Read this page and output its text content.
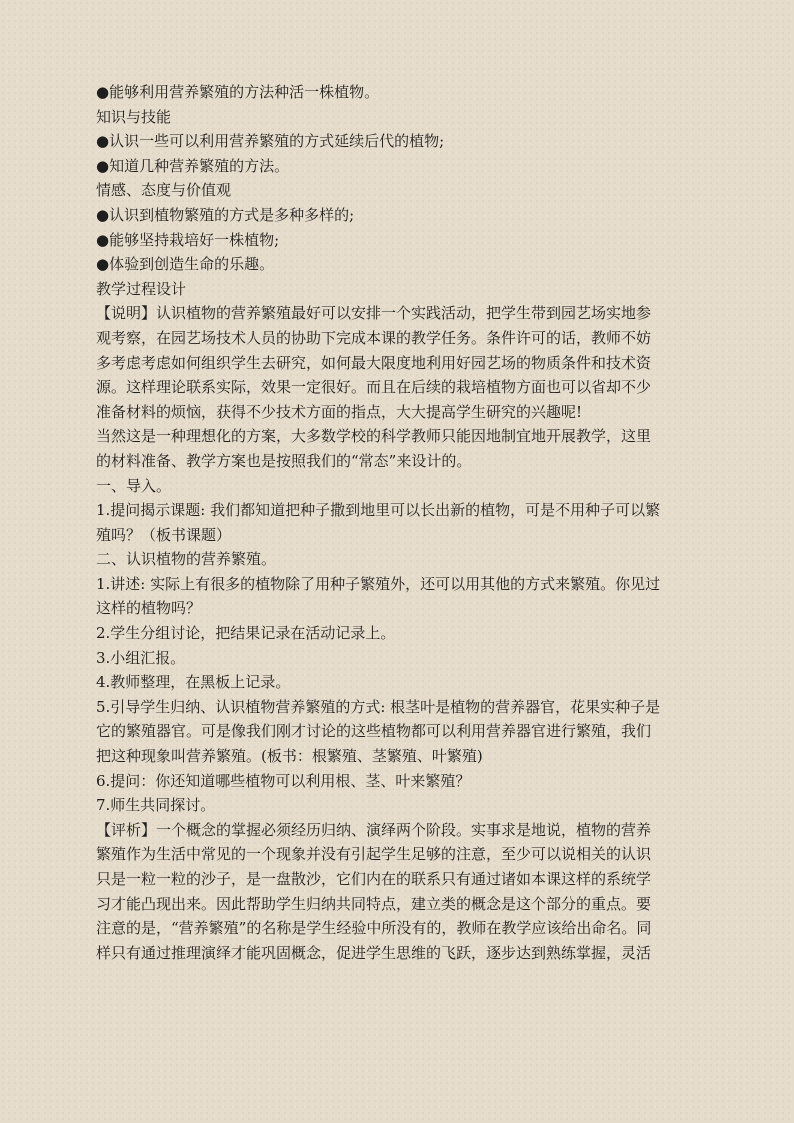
●能够利用营养繁殖的方法种活一株植物。
知识与技能
●认识一些可以利用营养繁殖的方式延续后代的植物;
●知道几种营养繁殖的方法。
情感、态度与价值观
●认识到植物繁殖的方式是多种多样的;
●能够坚持栽培好一株植物;
●体验到创造生命的乐趣。
教学过程设计
【说明】认识植物的营养繁殖最好可以安排一个实践活动，把学生带到园艺场实地参
观考察，在园艺场技术人员的协助下完成本课的教学任务。条件许可的话，教师不妨
多考虑考虑如何组织学生去研究，如何最大限度地利用好园艺场的物质条件和技术资
源。这样理论联系实际，效果一定很好。而且在后续的栽培植物方面也可以省却不少
准备材料的烦恼，获得不少技术方面的指点，大大提高学生研究的兴趣呢!
当然这是一种理想化的方案，大多数学校的科学教师只能因地制宜地开展教学，这里
的材料准备、教学方案也是按照我们的“常态”来设计的。
一、导入。
1.提问揭示课题: 我们都知道把种子撒到地里可以长出新的植物，可是不用种子可以繁
殖吗？（板书课题）
二、认识植物的营养繁殖。
1.讲述: 实际上有很多的植物除了用种子繁殖外，还可以用其他的方式来繁殖。你见过
这样的植物吗？
2.学生分组讨论，把结果记录在活动记录上。
3.小组汇报。
4.教师整理，在黑板上记录。
5.引导学生归纳、认识植物营养繁殖的方式: 根茎叶是植物的营养器官，花果实种子是
它的繁殖器官。可是像我们刚才讨论的这些植物都可以利用营养器官进行繁殖，我们
把这种现象叫营养繁殖。(板书：根繁殖、茎繁殖、叶繁殖)
6.提问：你还知道哪些植物可以利用根、茎、叶来繁殖？
7.师生共同探讨。
【评析】一个概念的掌握必须经历归纳、演绎两个阶段。实事求是地说，植物的营养
繁殖作为生活中常见的一个现象并没有引起学生足够的注意，至少可以说相关的认识
只是一粒一粒的沙子，是一盘散沙，它们内在的联系只有通过诸如本课这样的系统学
习才能凸现出来。因此帮助学生归纳共同特点，建立类的概念是这个部分的重点。要
注意的是，“营养繁殖”的名称是学生经验中所没有的，教师在教学应该给出命名。同
样只有通过推理演绎才能巩固概念，促进学生思维的飞跃，逐步达到熟练掌握，灵活
